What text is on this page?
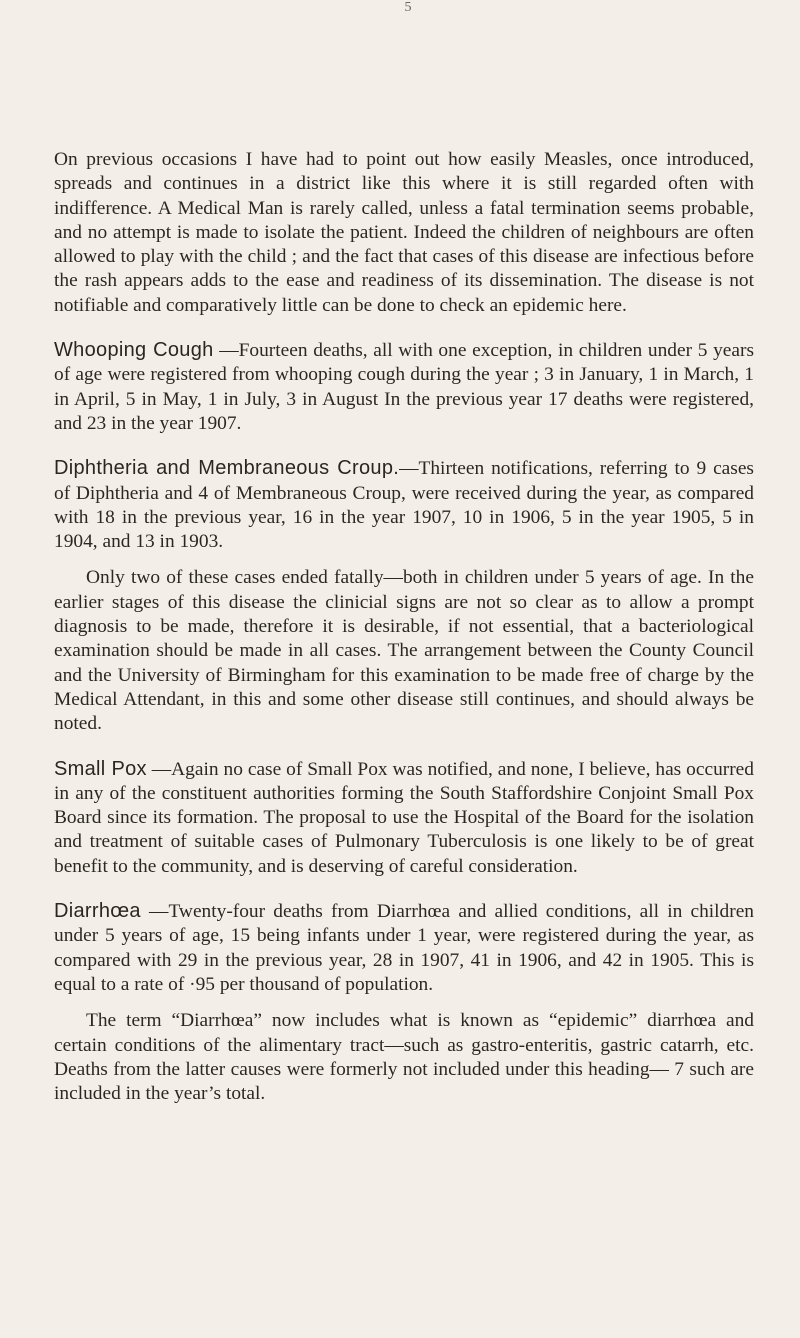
5

On previous occasions I have had to point out how easily Measles, once introduced, spreads and continues in a district like this where it is still regarded often with indifference. A Medical Man is rarely called, unless a fatal termination seems probable, and no attempt is made to isolate the patient. Indeed the children of neighbours are often allowed to play with the child ; and the fact that cases of this disease are infectious before the rash appears adds to the ease and readiness of its dissemination. The disease is not notifiable and comparatively little can be done to check an epidemic here.

Whooping Cough —Fourteen deaths, all with one exception, in children under 5 years of age were registered from whooping cough during the year ; 3 in January, 1 in March, 1 in April, 5 in May, 1 in July, 3 in August In the previous year 17 deaths were registered, and 23 in the year 1907.

Diphtheria and Membraneous Croup.—Thirteen notifications, referring to 9 cases of Diphtheria and 4 of Membraneous Croup, were received during the year, as compared with 18 in the previous year, 16 in the year 1907, 10 in 1906, 5 in the year 1905, 5 in 1904, and 13 in 1903.

Only two of these cases ended fatally—both in children under 5 years of age. In the earlier stages of this disease the clinicial signs are not so clear as to allow a prompt diagnosis to be made, therefore it is desirable, if not essential, that a bacteriological examination should be made in all cases. The arrangement between the County Council and the University of Birmingham for this examination to be made free of charge by the Medical Attendant, in this and some other disease still continues, and should always be noted.

Small Pox —Again no case of Small Pox was notified, and none, I believe, has occurred in any of the constituent authorities forming the South Staffordshire Conjoint Small Pox Board since its formation. The proposal to use the Hospital of the Board for the isolation and treatment of suitable cases of Pulmonary Tuberculosis is one likely to be of great benefit to the community, and is deserving of careful consideration.

Diarrhœa —Twenty-four deaths from Diarrhœa and allied conditions, all in children under 5 years of age, 15 being infants under 1 year, were registered during the year, as compared with 29 in the previous year, 28 in 1907, 41 in 1906, and 42 in 1905. This is equal to a rate of ·95 per thousand of population.

The term “Diarrhœa” now includes what is known as “epidemic” diarrhœa and certain conditions of the alimentary tract—such as gastro-enteritis, gastric catarrh, etc. Deaths from the latter causes were formerly not included under this heading— 7 such are included in the year’s total.
